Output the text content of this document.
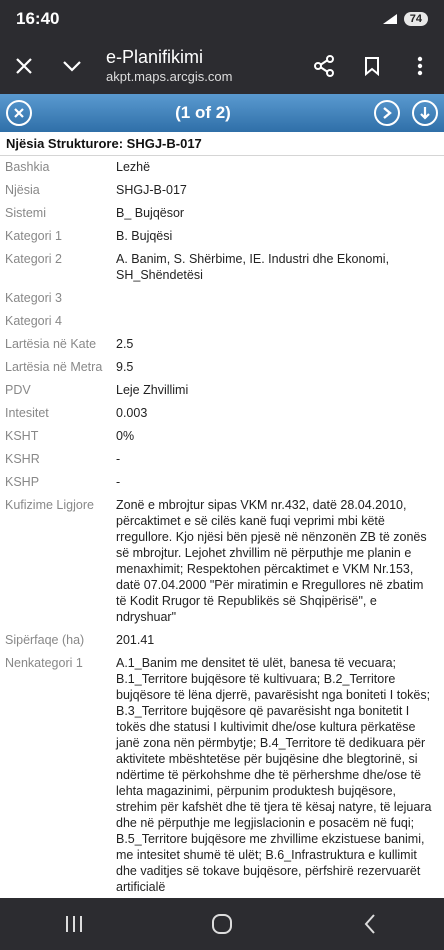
16:40	74
e-Planifikimi
akpt.maps.arcgis.com
(1 of 2)
Njësia Strukturore: SHGJ-B-017
Bashkia	Lezhë
Njësia	SHGJ-B-017
Sistemi	B_ Bujqësor
Kategori 1	B. Bujqësi
Kategori 2	A. Banim, S. Shërbime, IE. Industri dhe Ekonomi, SH_Shëndetësi
Kategori 3	
Kategori 4	
Lartësia në Kate	2.5
Lartësia në Metra	9.5
PDV	Leje Zhvillimi
Intesitet	0.003
KSHT	0%
KSHR	-
KSHP	-
Kufizime Ligjore	Zonë e mbrojtur sipas VKM nr.432, datë 28.04.2010, përcaktimet e së cilës kanë fuqi veprimi mbi këtë rregullore. Kjo njësi bën pjesë në nënzonën ZB të zonës së mbrojtur. Lejohet zhvillim në përputhje me planin e menaxhimit; Respektohen përcaktimet e VKM Nr.153, datë 07.04.2000 "Për miratimin e Rregullores në zbatim të Kodit Rrugor të Republikës së Shqipërisë", e ndryshuar"
Sipërfaqe (ha)	201.41
Nenkategori 1	A.1_Banim me densitet të ulët, banesa të vecuara; B.1_Territore bujqësore të kultivuara; B.2_Territore bujqësore të lëna djerrë, pavarësisht nga boniteti I tokës; B.3_Territore bujqësore që pavarësisht nga bonitetit I tokës dhe statusi I kultivimit dhe/ose kultura përkatëse janë zona nën përmbytje; B.4_Territore të dedikuara për aktivitete mbështetëse për bujqësine dhe blegtorinë, si ndërtime të përkohshme dhe të përhershme dhe/ose të lehta magazinimi, përpunim produktesh bujqësore, strehim për kafshët dhe të tjera të kësaj natyre, të lejuara dhe në përputhje me legjislacionin e posacëm në fuqi; B.5_Territore bujqësore me zhvillime ekzistuese banimi, me intesitet shumë të ulët; B.6_Infrastruktura e kullimit dhe vaditjes së tokave bujqësore, përfshirë rezervuarët artificialë
